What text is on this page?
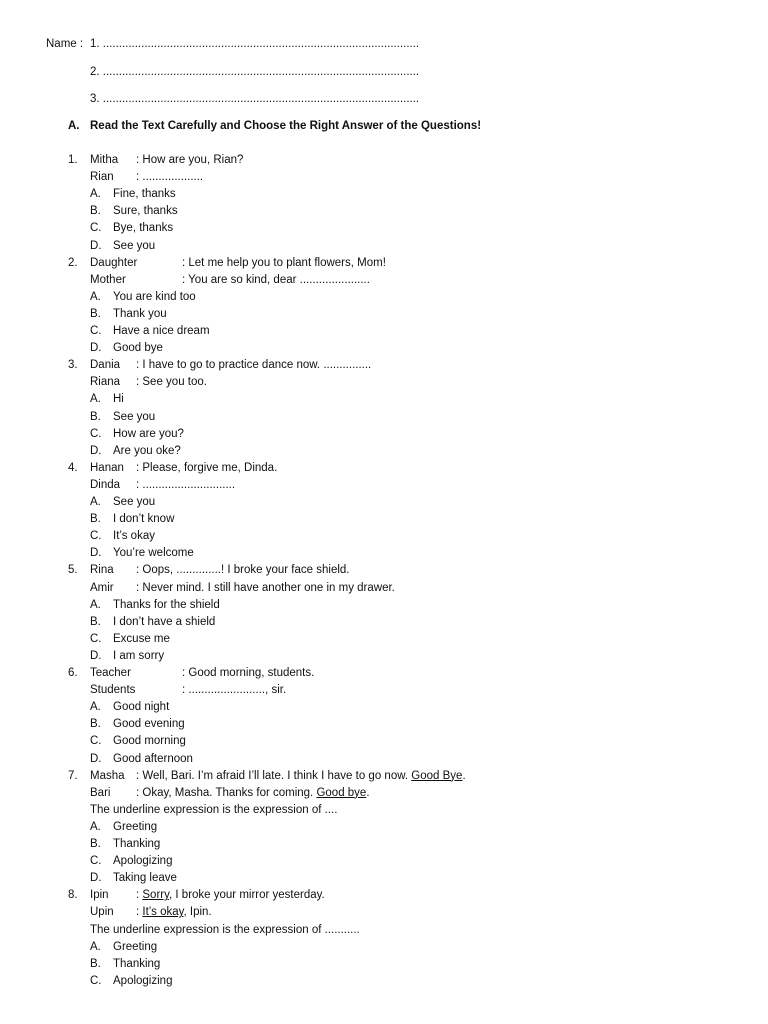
Name : 1. ...................................................................................................
2. ...................................................................................................
3. ...................................................................................................
A. Read the Text Carefully and Choose the Right Answer of the Questions!
1. Mitha : How are you, Rian?
Rian : ...................
A. Fine, thanks
B. Sure, thanks
C. Bye, thanks
D. See you
2. Daughter	: Let me help you to plant flowers, Mom!
Mother	: You are so kind, dear ......................
A. You are kind too
B. Thank you
C. Have a nice dream
D. Good bye
3. Dania : I have to go to practice dance now. ...............
Riana : See you too.
A. Hi
B. See you
C. How are you?
D. Are you oke?
4. Hanan : Please, forgive me, Dinda.
Dinda : .............................
A. See you
B. I don’t know
C. It’s okay
D. You’re welcome
5. Rina : Oops, ..............! I broke your face shield.
Amir : Never mind. I still have another one in my drawer.
A. Thanks for the shield
B. I don’t have a shield
C. Excuse me
D. I am sorry
6. Teacher	: Good morning, students.
Students	: ........................, sir.
A. Good night
B. Good evening
C. Good morning
D. Good afternoon
7. Masha : Well, Bari. I’m afraid I’ll late. I think I have to go now. Good Bye.
Bari : Okay, Masha. Thanks for coming. Good bye.
The underline expression is the expression of ....
A. Greeting
B. Thanking
C. Apologizing
D. Taking leave
8. Ipin : Sorry, I broke your mirror yesterday.
Upin : It’s okay, Ipin.
The underline expression is the expression of ...........
A. Greeting
B. Thanking
C. Apologizing
